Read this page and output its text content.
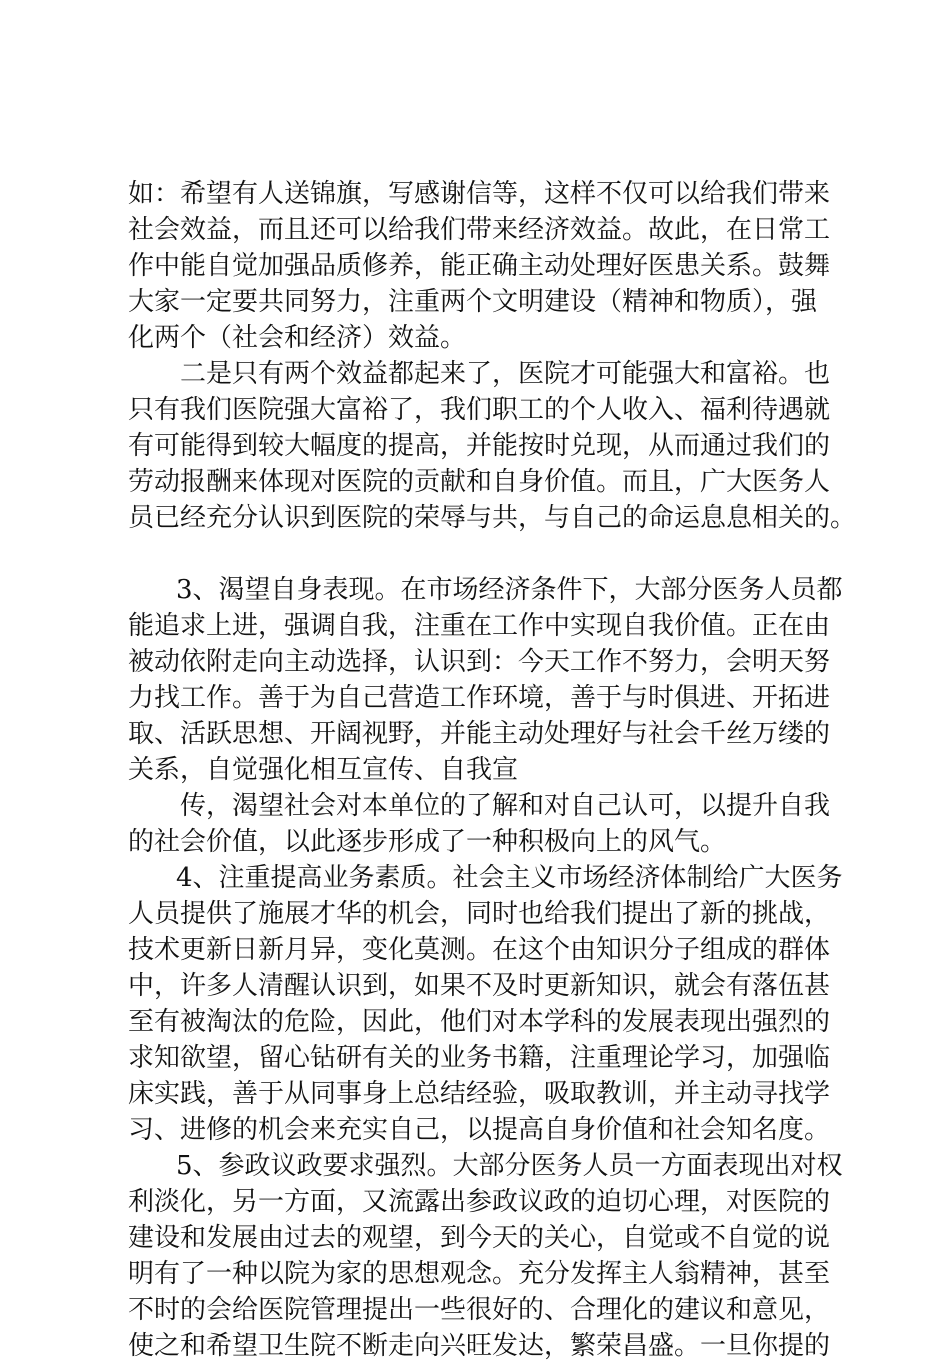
如：希望有人送锦旗，写感谢信等，这样不仅可以给我们带来
社会效益，而且还可以给我们带来经济效益。故此，在日常工
作中能自觉加强品质修养，能正确主动处理好医患关系。鼓舞
大家一定要共同努力，注重两个文明建设（精神和物质），强
化两个（社会和经济）效益。
二是只有两个效益都起来了，医院才可能强大和富裕。也
只有我们医院强大富裕了，我们职工的个人收入、福利待遇就
有可能得到较大幅度的提高，并能按时兑现，从而通过我们的
劳动报酬来体现对医院的贡献和自身价值。而且，广大医务人
员已经充分认识到医院的荣辱与共，与自己的命运息息相关的。
3、渴望自身表现。在市场经济条件下，大部分医务人员都
能追求上进，强调自我，注重在工作中实现自我价值。正在由
被动依附走向主动选择，认识到：今天工作不努力，会明天努
力找工作。善于为自己营造工作环境，善于与时俱进、开拓进
取、活跃思想、开阔视野，并能主动处理好与社会千丝万缕的
关系，自觉强化相互宣传、自我宣
传，渴望社会对本单位的了解和对自己认可，以提升自我
的社会价值，以此逐步形成了一种积极向上的风气。
4、注重提高业务素质。社会主义市场经济体制给广大医务
人员提供了施展才华的机会，同时也给我们提出了新的挑战，
技术更新日新月异，变化莫测。在这个由知识分子组成的群体
中，许多人清醒认识到，如果不及时更新知识，就会有落伍甚
至有被淘汰的危险，因此，他们对本学科的发展表现出强烈的
求知欲望，留心钻研有关的业务书籍，注重理论学习，加强临
床实践，善于从同事身上总结经验，吸取教训，并主动寻找学
习、进修的机会来充实自己，以提高自身价值和社会知名度。
5、参政议政要求强烈。大部分医务人员一方面表现出对权
利淡化，另一方面，又流露出参政议政的迫切心理，对医院的
建设和发展由过去的观望，到今天的关心，自觉或不自觉的说
明有了一种以院为家的思想观念。充分发挥主人翁精神，甚至
不时的会给医院管理提出一些很好的、合理化的建议和意见，
使之和希望卫生院不断走向兴旺发达，繁荣昌盛。一旦你提的
